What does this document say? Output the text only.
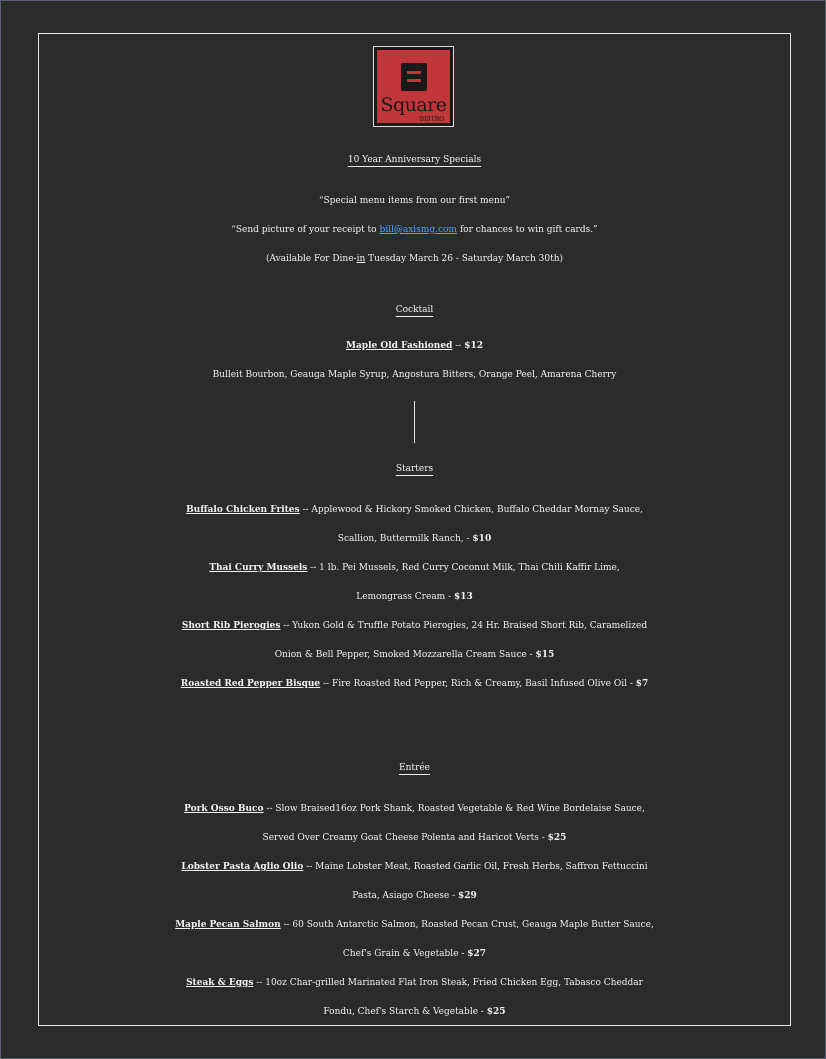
Square
BISTRO
10 Year Anniversary Specials
“Special menu items from our first menu”
“Send picture of your receipt to bill@axismg.com for chances to win gift cards.”
(Available For Dine-in Tuesday March 26 - Saturday March 30th)
Cocktail
Maple Old Fashioned -- $12
Bulleit Bourbon, Geauga Maple Syrup, Angostura Bitters, Orange Peel, Amarena Cherry
Starters
Buffalo Chicken Frites -- Applewood & Hickory Smoked Chicken, Buffalo Cheddar Mornay Sauce,
Scallion, Buttermilk Ranch, - $10
Thai Curry Mussels -- 1 lb. Pei Mussels, Red Curry Coconut Milk, Thai Chili Kaffir Lime,
Lemongrass Cream - $13
Short Rib Pierogies -- Yukon Gold & Truffle Potato Pierogies, 24 Hr. Braised Short Rib, Caramelized
Onion & Bell Pepper, Smoked Mozzarella Cream Sauce - $15
Roasted Red Pepper Bisque -- Fire Roasted Red Pepper, Rich & Creamy, Basil Infused Olive Oil - $7
Entrée
Pork Osso Buco -- Slow Braised16oz Pork Shank, Roasted Vegetable & Red Wine Bordelaise Sauce,
Served Over Creamy Goat Cheese Polenta and Haricot Verts - $25
Lobster Pasta Aglio Olio -- Maine Lobster Meat, Roasted Garlic Oil, Fresh Herbs, Saffron Fettuccini
Pasta, Asiago Cheese - $29
Maple Pecan Salmon -- 60 South Antarctic Salmon, Roasted Pecan Crust, Geauga Maple Butter Sauce,
Chef's Grain & Vegetable - $27
Steak & Eggs -- 10oz Char-grilled Marinated Flat Iron Steak, Fried Chicken Egg, Tabasco Cheddar
Fondu, Chef's Starch & Vegetable - $25
